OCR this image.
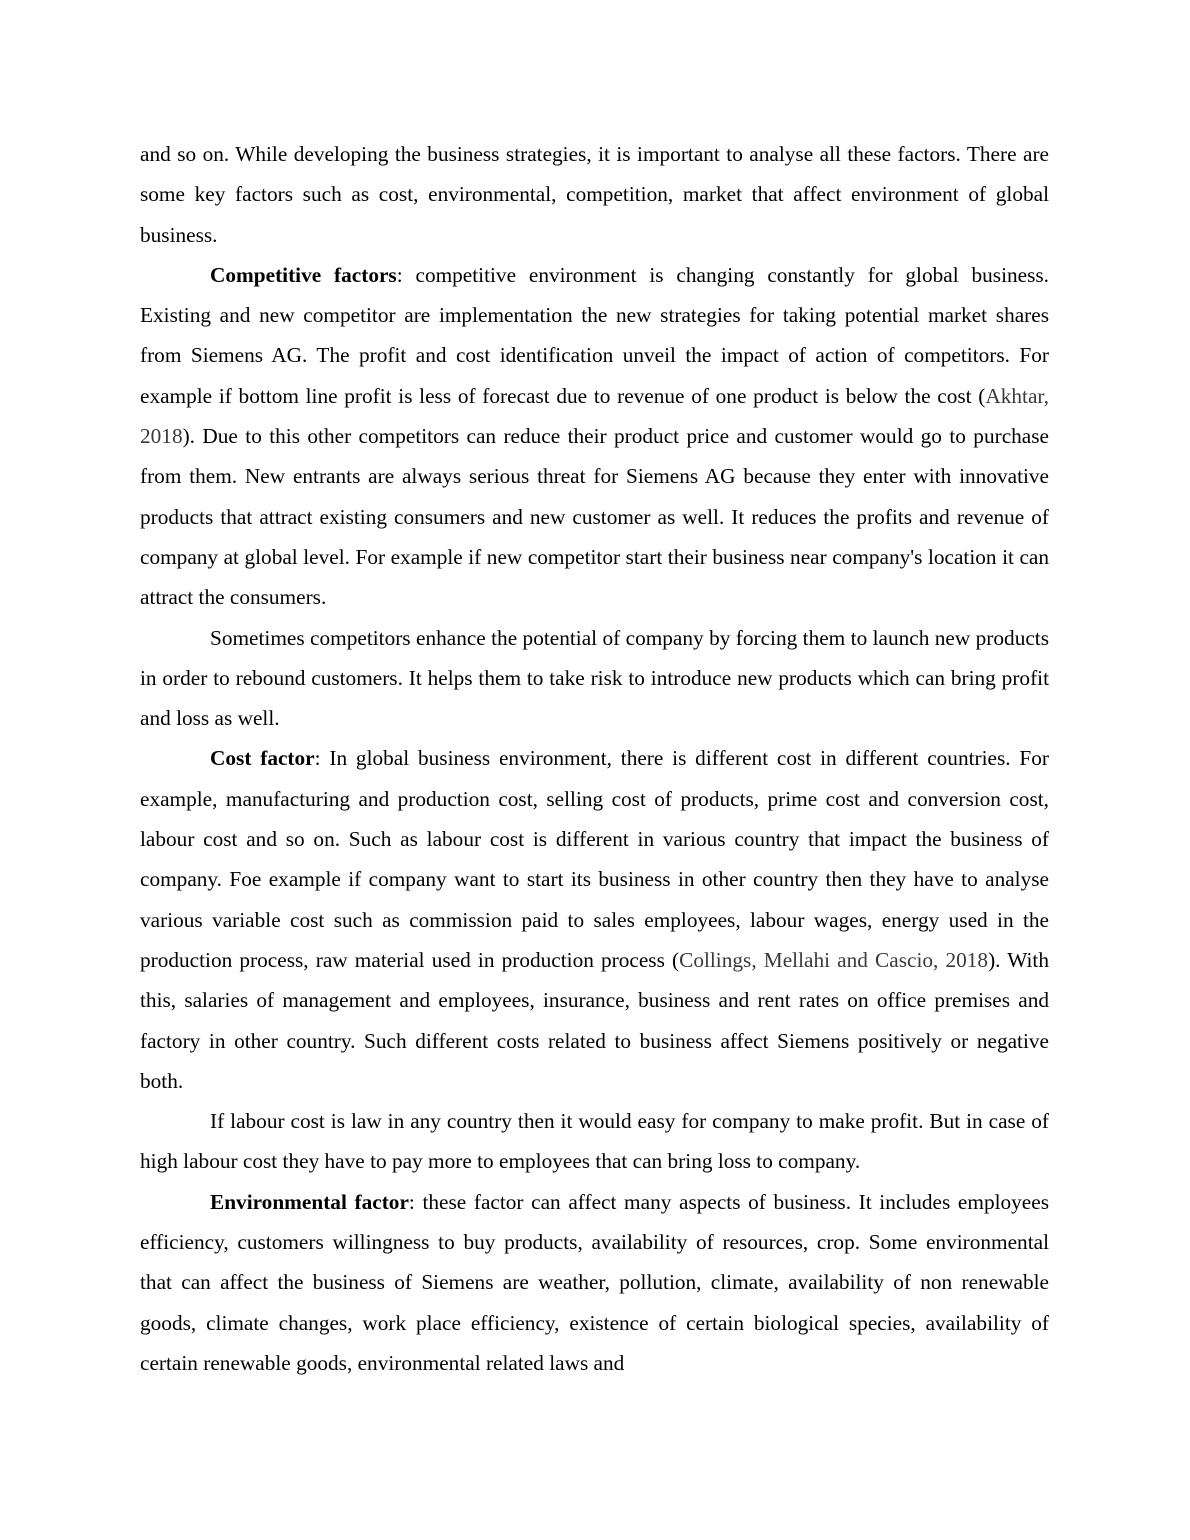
and so on. While developing the business strategies, it is important to analyse all these factors. There are some key factors such as cost, environmental, competition, market that affect environment of global business.

Competitive factors: competitive environment is changing constantly for global business. Existing and new competitor are implementation the new strategies for taking potential market shares from Siemens AG. The profit and cost identification unveil the impact of action of competitors. For example if bottom line profit is less of forecast due to revenue of one product is below the cost (Akhtar, 2018). Due to this other competitors can reduce their product price and customer would go to purchase from them. New entrants are always serious threat for Siemens AG because they enter with innovative products that attract existing consumers and new customer as well. It reduces the profits and revenue of company at global level. For example if new competitor start their business near company's location it can attract the consumers.

Sometimes competitors enhance the potential of company by forcing them to launch new products in order to rebound customers. It helps them to take risk to introduce new products which can bring profit and loss as well.

Cost factor: In global business environment, there is different cost in different countries. For example, manufacturing and production cost, selling cost of products, prime cost and conversion cost, labour cost and so on. Such as labour cost is different in various country that impact the business of company. Foe example if company want to start its business in other country then they have to analyse various variable cost such as commission paid to sales employees, labour wages, energy used in the production process, raw material used in production process (Collings, Mellahi and Cascio, 2018). With this, salaries of management and employees, insurance, business and rent rates on office premises and factory in other country. Such different costs related to business affect Siemens positively or negative both.

If labour cost is law in any country then it would easy for company to make profit. But in case of high labour cost they have to pay more to employees that can bring loss to company.

Environmental factor: these factor can affect many aspects of business. It includes employees efficiency, customers willingness to buy products, availability of resources, crop. Some environmental that can affect the business of Siemens are weather, pollution, climate, availability of non renewable goods, climate changes, work place efficiency, existence of certain biological species, availability of certain renewable goods, environmental related laws and
